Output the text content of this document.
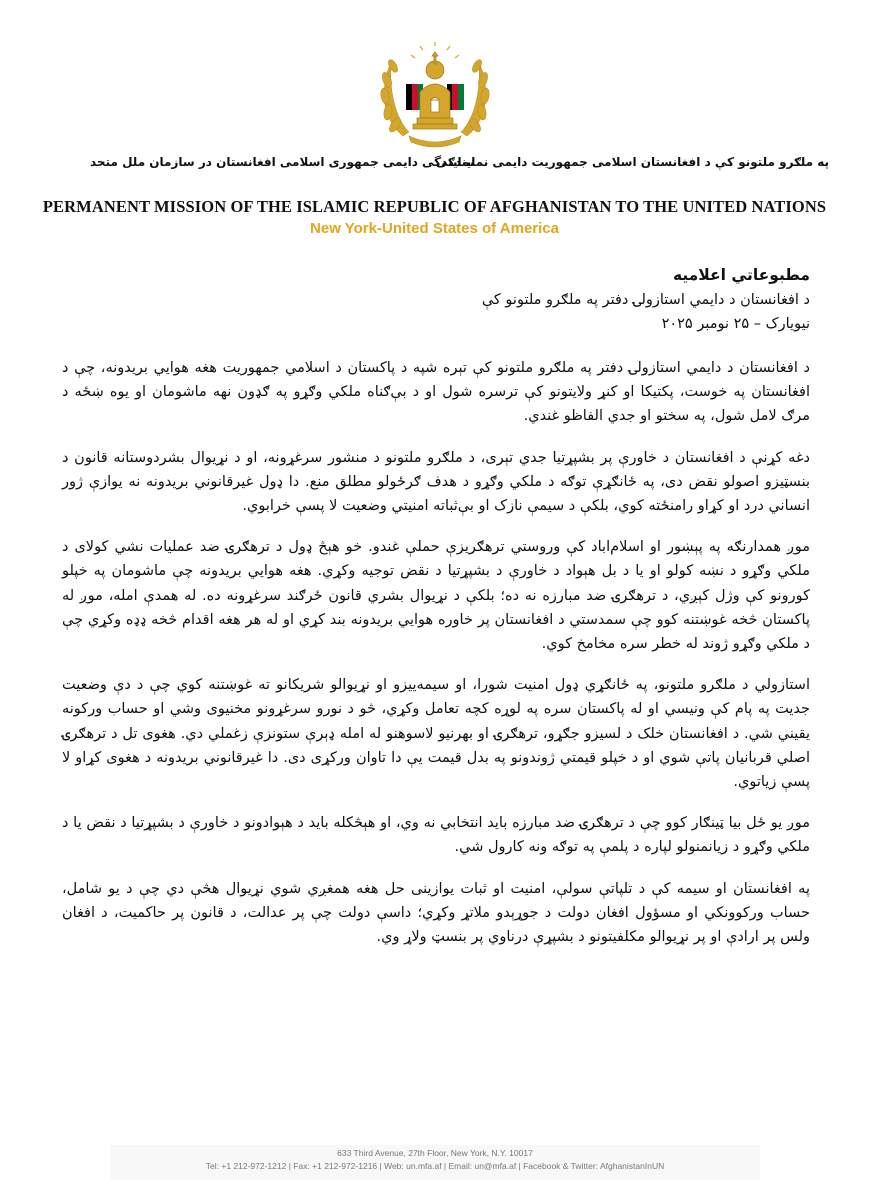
په ملګرو ملتونو کې د افغانستان اسلامی جمهوریت دایمی نمایندګی
نمایندگی دایمی جمهوری اسلامی افغانستان در سازمان ملل متحد
PERMANENT MISSION OF THE ISLAMIC REPUBLIC OF AFGHANISTAN TO THE UNITED NATIONS
New York-United States of America
مطبوعاتي اعلاميه
د افغانستان د دايمي استازولۍ دفتر په ملګرو ملتونو کې
نيويارک – ۲۵ نومبر ۲۰۲۵

د افغانستان د دايمي استازولۍ دفتر په ملګرو ملتونو کې تېره شپه د پاکستان د اسلامي جمهوريت هغه هوايي بريدونه، چې د افغانستان په خوست، پکتيکا او کنړ ولايتونو کې ترسره شول او د بې‌ګناه ملکي وګړو په ګډون نهه ماشومان او يوه ښځه د مرګ لامل شول، په سختو او جدي الفاظو غندي.

دغه کړنې د افغانستان د خاورې پر بشپړتيا جدي تېری، د ملګرو ملتونو د منشور سرغړونه، او د نړيوال بشردوستانه قانون د بنسټيزو اصولو نقض دی، په ځانګړې توګه د ملکي وګړو د هدف ګرځولو مطلق منع. دا ډول غيرقانوني بريدونه نه يوازې ژور انساني درد او کړاو رامنځته کوي، بلکې د سيمې نازک او بې‌ثباته امنيتي وضعيت لا پسې خرابوي.

موږ همدارنګه په پېښور او اسلام‌اباد کې وروستي ترهګريزې حملې غندو. خو هېڅ ډول د ترهګرۍ ضد عمليات نشي کولای د ملکي وګړو د نښه کولو او يا د بل هېواد د خاورې د بشپړتيا د نقض توجيه وکړي. هغه هوايي بريدونه چې ماشومان په خپلو کورونو کې وژل کېږي، د ترهګرۍ ضد مبارزه نه ده؛ بلکې د نړيوال بشري قانون ځرګند سرغړونه ده. له همدې امله، موږ له پاکستان څخه غوښتنه کوو چې سمدستي د افغانستان پر خاوره هوايي بريدونه بند کړي او له هر هغه اقدام څخه ډډه وکړي چې د ملکي وګړو ژوند له خطر سره مخامخ کوي.

استازولي د ملګرو ملتونو، په ځانګړي ډول امنيت شورا، او سيمه‌ييزو او نړيوالو شريکانو ته غوښتنه کوي چې د دې وضعيت جديت په پام کې ونيسي او له پاکستان سره په لوړه کچه تعامل وکړي، څو د نورو سرغړونو مخنيوی وشي او حساب ورکونه يقيني شي. د افغانستان خلک د لسيزو جګړو، ترهګرۍ او بهرنيو لاسوهنو له امله ډېرې ستونزې زغملي دي. هغوی تل د ترهګرۍ اصلي قربانيان پاتې شوي او د خپلو قيمتي ژوندونو په بدل قيمت يې دا تاوان ورکړی دی. دا غيرقانوني بريدونه د هغوی کړاو لا پسې زياتوي.

موږ يو ځل بيا ټينګار کوو چې د ترهګرۍ ضد مبارزه بايد انتخابي نه وي، او هېڅکله بايد د هېوادونو د خاورې د بشپړتيا د نقض يا د ملکي وګړو د زيانمنولو لپاره د پلمې په توګه ونه کارول شي.

په افغانستان او سيمه کې د تلپاتې سولې، امنيت او ثبات يوازينی حل هغه همغږي شوي نړيوال هڅې دي چې د يو شامل، حساب ورکوونکي او مسؤول افغان دولت د جوړېدو ملاتړ وکړي؛ داسې دولت چې پر عدالت، د قانون پر حاکميت، د افغان ولس پر ارادې او پر نړيوالو مکلفيتونو د بشپړې درناوي پر بنسټ ولاړ وي.

633 Third Avenue, 27th Floor, New York, N.Y. 10017
Tel: +1 212-972-1212 | Fax: +1 212-972-1216 | Web: un.mfa.af | Email: un@mfa.af | Facebook & Twitter: AfghanistanInUN
